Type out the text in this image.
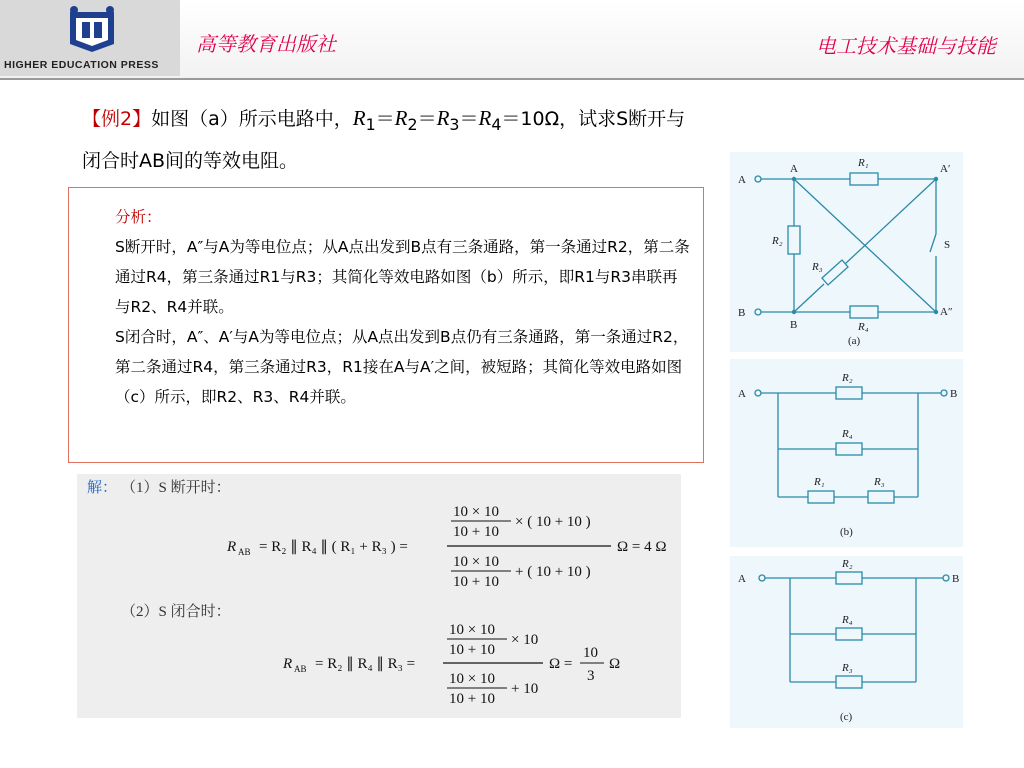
HIGHER EDUCATION PRESS
高等教育出版社	电工技术基础与技能
【例2】如图（a）所示电路中，$R_1=R_2=R_3=R_4=10\Omega$，试求S断开与
闭合时AB间的等效电阻。

分析：

S断开时，A″与A为等电位点；从A点出发到B点有三条通路，第一条通过R2，第二条通过R4，第三条通过R1与R3；其简化等效电路如图（b）所示，即R1与R3串联再与R2、R4并联。

S闭合时，A″、A′与A为等电位点；从A点出发到B点仍有三条通路，第一条通过R2，第二条通过R4，第三条通过R3，R1接在A与A′之间，被短路；其简化等效电路如图（c）所示，即R2、R3、R4并联。

解： （1）S 断开时：
（2）S 闭合时：
R AB = R₂ ∥ R₄ ∥ ( R₁ + R₃ ) =
10 × 10
10 + 10
× ( 10 + 10 )
10 × 10
10 + 10
+ ( 10 + 10 )
Ω = 4 Ω
R AB = R₂ ∥ R₄ ∥ R₃ =
10 × 10
10 + 10
× 10
10 × 10
10 + 10
+ 10
Ω =
10
3
Ω
A
B
A
B
A′
A″
S
R₁
R₂
R₃
R₄
(a)
A	B
R₂
R₄
R₁	R₃
(b)
A	B
R₂
R₄
R₃
(c)
